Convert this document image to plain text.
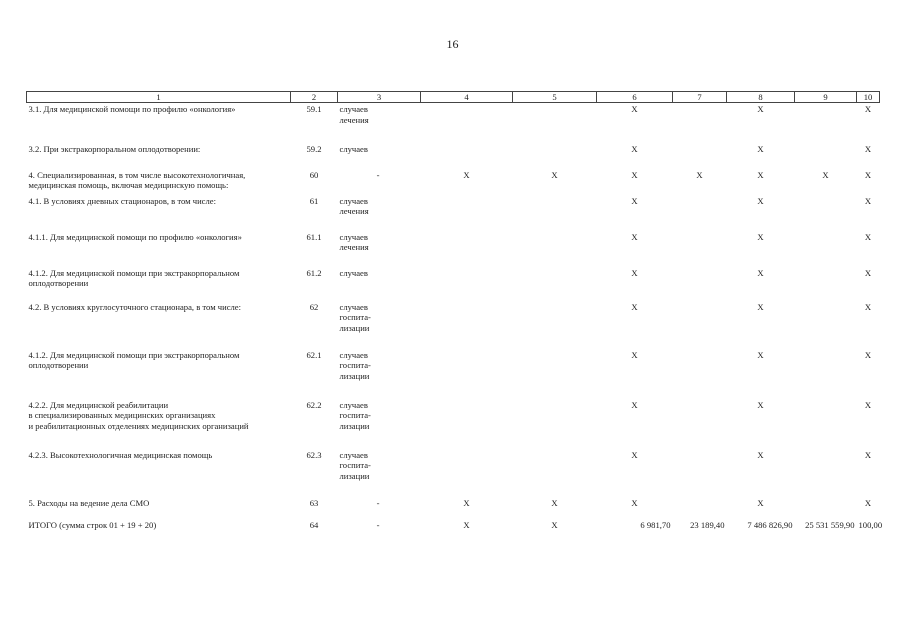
16
1	2	3	4	5	6	7	8	9	10

3.1. Для медицинской помощи по профилю «онкология»	59.1	случаев
лечения			X		X		X

3.2. При экстракорпоральном оплодотворении:	59.2	случаев			X		X		X

4. Специализированная, в том числе высокотехнологичная,
медицинская помощь, включая медицинскую помощь:	60	-	X	X	X	X	X	X	X

4.1. В условиях дневных стационаров, в том числе:	61	случаев
лечения			X		X		X

4.1.1. Для медицинской помощи по профилю «онкология»	61.1	случаев
лечения			X		X		X

4.1.2. Для медицинской помощи при экстракорпоральном
оплодотворении	61.2	случаев			X		X		X

4.2. В условиях круглосуточного стационара, в том числе:	62	случаев
госпита-
лизации			X		X		X

4.1.2. Для медицинской помощи при экстракорпоральном
оплодотворении	62.1	случаев
госпита-
лизации			X		X		X

4.2.2. Для медицинской реабилитации
в специализированных медицинских организациях
и реабилитационных отделениях медицинских организаций	62.2	случаев
госпита-
лизации			X		X		X

4.2.3. Высокотехнологичная медицинская помощь	62.3	случаев
госпита-
лизации			X		X		X

5. Расходы на ведение дела СМО	63	-	X	X	X		X		X

ИТОГО (сумма строк 01 + 19 + 20)	64	-	X	X	6 981,70	23 189,40	7 486 826,90	25 531 559,90	100,00
